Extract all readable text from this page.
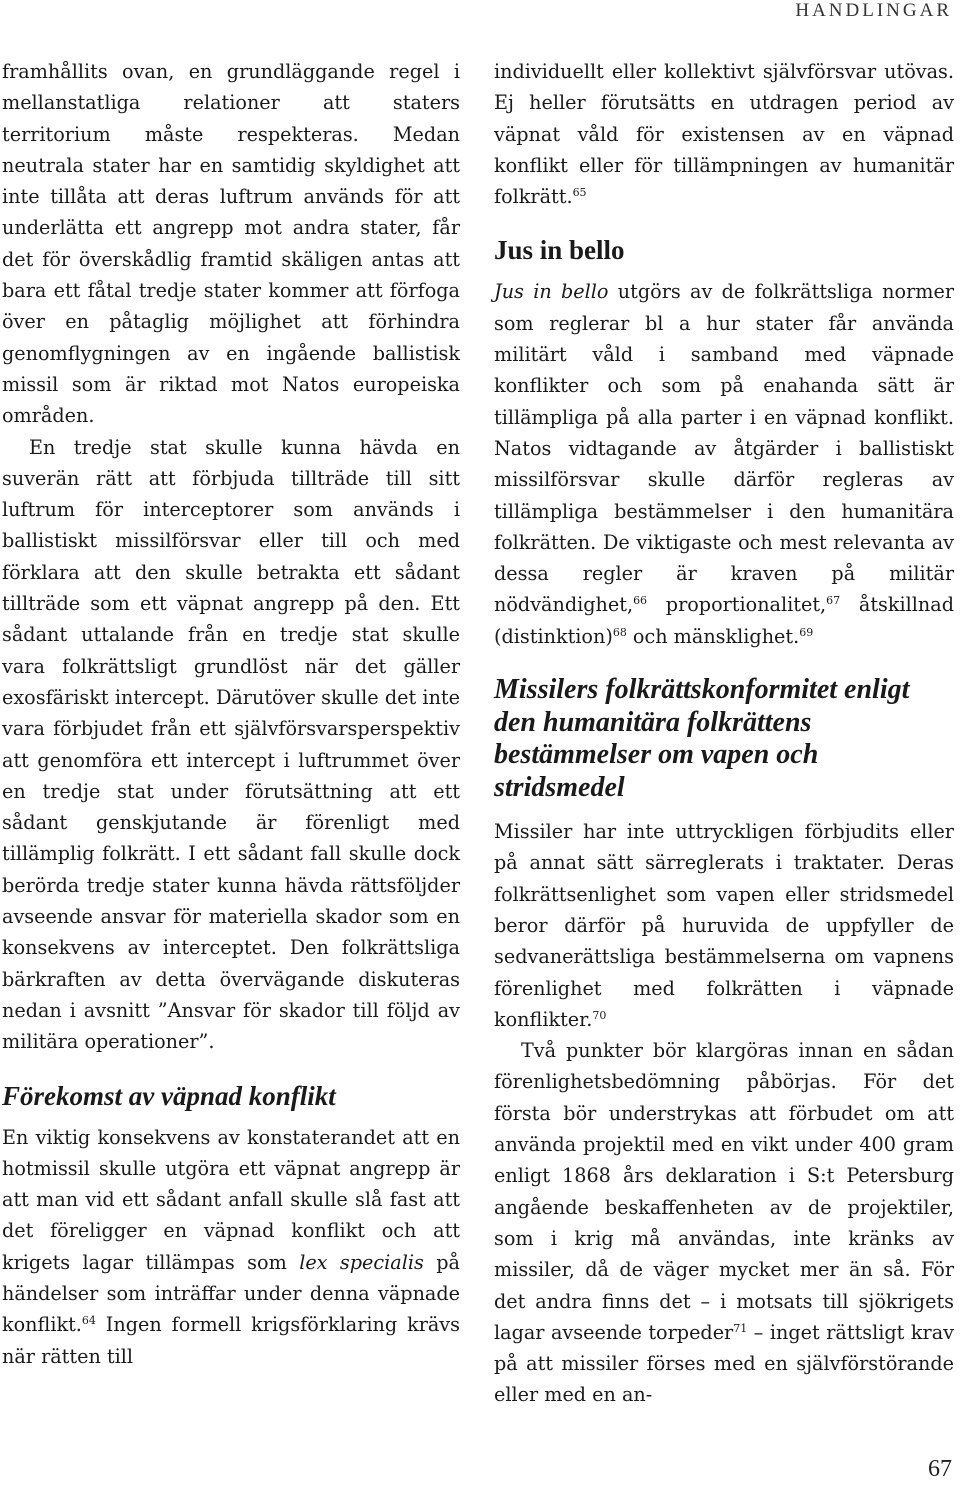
HANDLINGAR

framhållits ovan, en grundläggande regel i mellanstatliga relationer att staters territorium måste respekteras. Medan neutrala stater har en samtidig skyldighet att inte tillåta att deras luftrum används för att underlätta ett angrepp mot andra stater, får det för överskådlig framtid skäligen antas att bara ett fåtal tredje stater kommer att förfoga över en påtaglig möjlighet att förhindra genomflygningen av en ingående ballistisk missil som är riktad mot Natos europeiska områden.

En tredje stat skulle kunna hävda en suverän rätt att förbjuda tillträde till sitt luftrum för interceptorer som används i ballistiskt missilförsvar eller till och med förklara att den skulle betrakta ett sådant tillträde som ett väpnat angrepp på den. Ett sådant uttalande från en tredje stat skulle vara folkrättsligt grundlöst när det gäller exosfäriskt intercept. Därutöver skulle det inte vara förbjudet från ett självförsvarsperspektiv att genomföra ett intercept i luftrummet över en tredje stat under förutsättning att ett sådant genskjutande är förenligt med tillämplig folkrätt. I ett sådant fall skulle dock berörda tredje stater kunna hävda rättsföljder avseende ansvar för materiella skador som en konsekvens av interceptet. Den folkrättsliga bärkraften av detta övervägande diskuteras nedan i avsnitt ”Ansvar för skador till följd av militära operationer”.

Förekomst av väpnad konflikt

En viktig konsekvens av konstaterandet att en hotmissil skulle utgöra ett väpnat angrepp är att man vid ett sådant anfall skulle slå fast att det föreligger en väpnad konflikt och att krigets lagar tillämpas som lex specialis på händelser som inträffar under denna väpnade konflikt.$^{64}$ Ingen formell krigsförklaring krävs när rätten till

individuellt eller kollektivt självförsvar utövas. Ej heller förutsätts en utdragen period av väpnat våld för existensen av en väpnad konflikt eller för tillämpningen av humanitär folkrätt.$^{65}$

Jus in bello

Jus in bello utgörs av de folkrättsliga normer som reglerar bl a hur stater får använda militärt våld i samband med väpnade konflikter och som på enahanda sätt är tillämpliga på alla parter i en väpnad konflikt. Natos vidtagande av åtgärder i ballistiskt missilförsvar skulle därför regleras av tillämpliga bestämmelser i den humanitära folkrätten. De viktigaste och mest relevanta av dessa regler är kraven på militär nödvändighet,$^{66}$ proportionalitet,$^{67}$ åtskillnad (distinktion)$^{68}$ och mänsklighet.$^{69}$

Missilers folkrättskonformitet enligt den humanitära folkrättens bestämmelser om vapen och stridsmedel

Missiler har inte uttryckligen förbjudits eller på annat sätt särreglerats i traktater. Deras folkrättsenlighet som vapen eller stridsmedel beror därför på huruvida de uppfyller de sedvanerättsliga bestämmelserna om vapnens förenlighet med folkrätten i väpnade konflikter.$^{70}$

Två punkter bör klargöras innan en sådan förenlighetsbedömning påbörjas. För det första bör understrykas att förbudet om att använda projektil med en vikt under 400 gram enligt 1868 års deklaration i S:t Petersburg angående beskaffenheten av de projektiler, som i krig må användas, inte kränks av missiler, då de väger mycket mer än så. För det andra finns det – i motsats till sjökrigets lagar avseende torpeder$^{71}$ – inget rättsligt krav på att missiler förses med en självförstörande eller med en an-

67
